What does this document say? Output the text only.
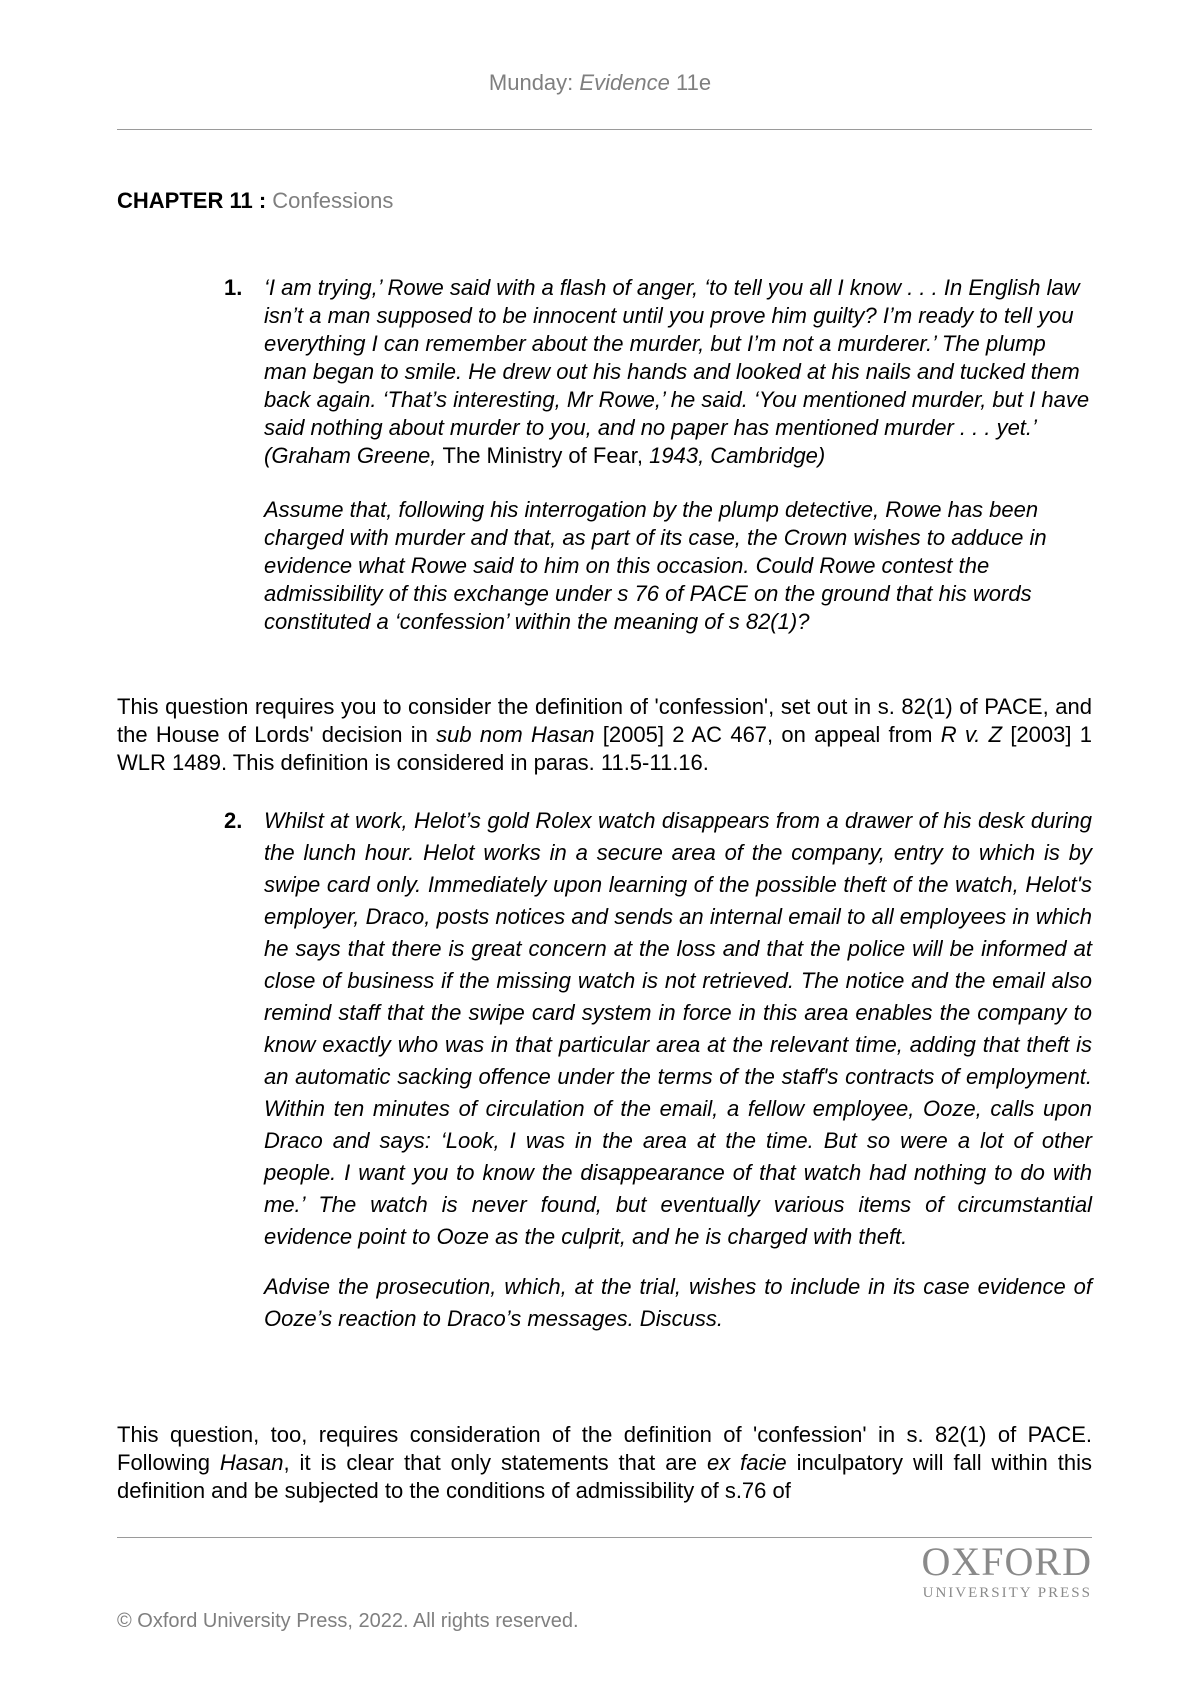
Munday: Evidence 11e
CHAPTER 11 : Confessions
1. ‘I am trying,’ Rowe said with a flash of anger, ‘to tell you all I know . . . In English law isn’t a man supposed to be innocent until you prove him guilty? I’m ready to tell you everything I can remember about the murder, but I’m not a murderer.’ The plump man began to smile. He drew out his hands and looked at his nails and tucked them back again. ‘That’s interesting, Mr Rowe,’ he said. ‘You mentioned murder, but I have said nothing about murder to you, and no paper has mentioned murder . . . yet.’

(Graham Greene, The Ministry of Fear, 1943, Cambridge)

Assume that, following his interrogation by the plump detective, Rowe has been charged with murder and that, as part of its case, the Crown wishes to adduce in evidence what Rowe said to him on this occasion. Could Rowe contest the admissibility of this exchange under s 76 of PACE on the ground that his words constituted a ‘confession’ within the meaning of s 82(1)?

This question requires you to consider the definition of 'confession', set out in s. 82(1) of PACE, and the House of Lords' decision in sub nom Hasan [2005] 2 AC 467, on appeal from R v. Z [2003] 1 WLR 1489. This definition is considered in paras. 11.5-11.16.

2. Whilst at work, Helot’s gold Rolex watch disappears from a drawer of his desk during the lunch hour. Helot works in a secure area of the company, entry to which is by swipe card only. Immediately upon learning of the possible theft of the watch, Helot's employer, Draco, posts notices and sends an internal email to all employees in which he says that there is great concern at the loss and that the police will be informed at close of business if the missing watch is not retrieved. The notice and the email also remind staff that the swipe card system in force in this area enables the company to know exactly who was in that particular area at the relevant time, adding that theft is an automatic sacking offence under the terms of the staff's contracts of employment. Within ten minutes of circulation of the email, a fellow employee, Ooze, calls upon Draco and says: ‘Look, I was in the area at the time. But so were a lot of other people. I want you to know the disappearance of that watch had nothing to do with me.’ The watch is never found, but eventually various items of circumstantial evidence point to Ooze as the culprit, and he is charged with theft.

Advise the prosecution, which, at the trial, wishes to include in its case evidence of Ooze’s reaction to Draco’s messages. Discuss.

This question, too, requires consideration of the definition of 'confession' in s. 82(1) of PACE. Following Hasan, it is clear that only statements that are ex facie inculpatory will fall within this definition and be subjected to the conditions of admissibility of s.76 of

OXFORD
UNIVERSITY PRESS
© Oxford University Press, 2022. All rights reserved.
